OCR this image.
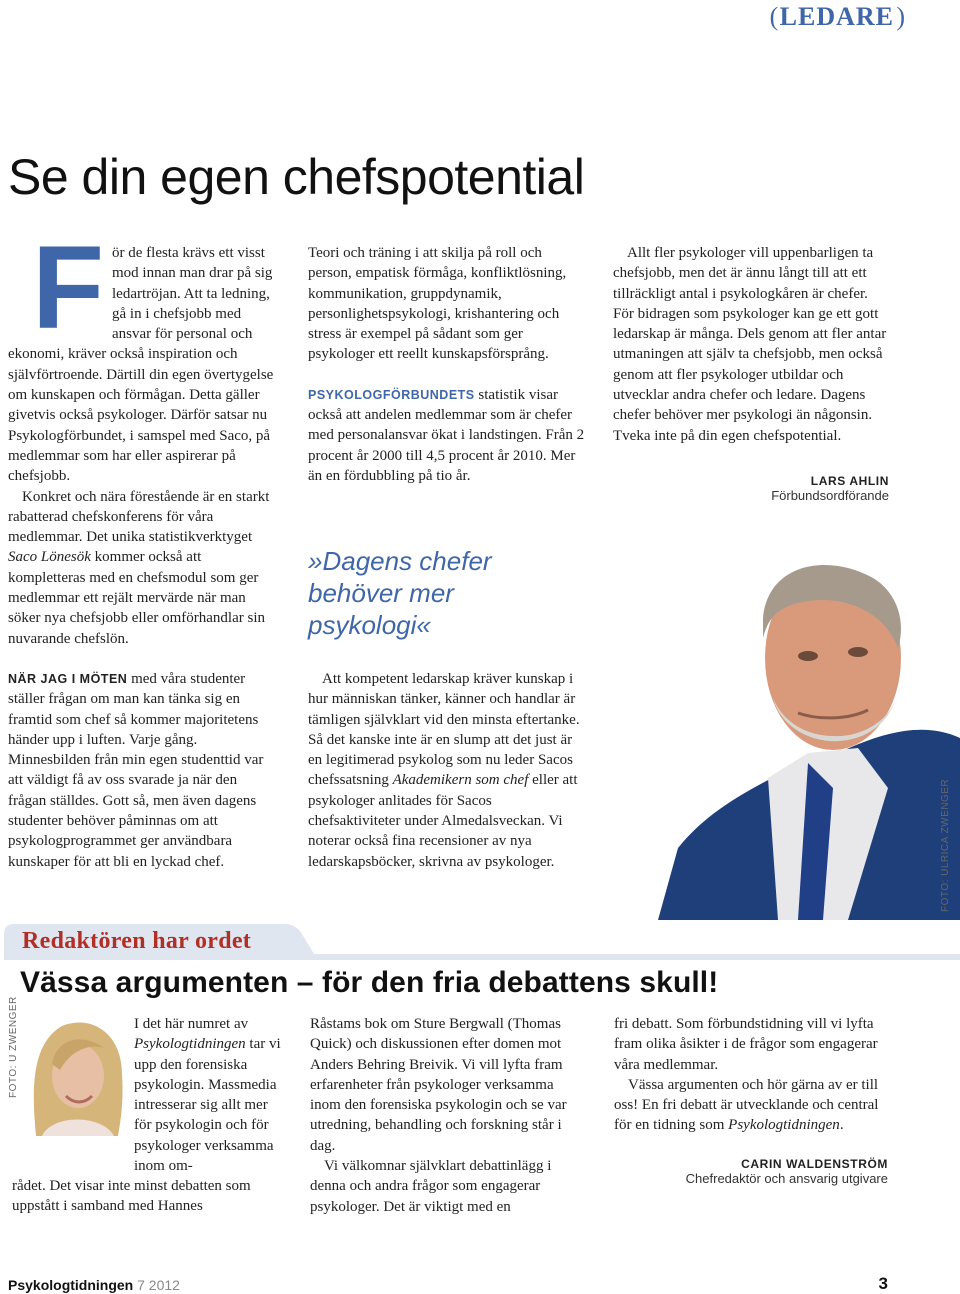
( LEDARE )
Se din egen chefspotential
F ör de flesta krävs ett visst mod innan man drar på sig ledartröjan. Att ta ledning, gå in i chefsjobb med ansvar för personal och ekonomi, kräver också inspiration och självförtroende. Därtill din egen övertygelse om kunskapen och förmågan. Detta gäller givetvis också psykologer. Därför satsar nu Psykologförbundet, i samspel med Saco, på medlemmar som har eller aspirerar på chefsjobb.

Konkret och nära förestående är en starkt rabatterad chefskonferens för våra medlemmar. Det unika statistikverktyget Saco Lönesök kommer också att kompletteras med en chefsmodul som ger medlemmar ett rejält mervärde när man söker nya chefsjobb eller omförhandlar sin nuvarande chefslön.

NÄR JAG I MÖTEN med våra studenter ställer frågan om man kan tänka sig en framtid som chef så kommer majoritetens händer upp i luften. Varje gång. Minnesbilden från min egen studenttid var att väldigt få av oss svarade ja när den frågan ställdes. Gott så, men även dagens studenter behöver påminnas om att psykologprogrammet ger användbara kunskaper för att bli en lyckad chef.

Teori och träning i att skilja på roll och person, empatisk förmåga, konfliktlösning, kommunikation, gruppdynamik, personlighetspsykologi, krishantering och stress är exempel på sådant som ger psykologer ett reellt kunskapsförsprång.

PSYKOLOGFÖRBUNDETS statistik visar också att andelen medlemmar som är chefer med personalansvar ökat i landstingen. Från 2 procent år 2000 till 4,5 procent år 2010. Mer än en fördubbling på tio år.

»Dagens chefer behöver mer psykologi«

Att kompetent ledarskap kräver kunskap i hur människan tänker, känner och handlar är tämligen självklart vid den minsta eftertanke. Så det kanske inte är en slump att det just är en legitimerad psykolog som nu leder Sacos chefssatsning Akademikern som chef eller att psykologer anlitades för Sacos chefsaktiviteter under Almedalsveckan. Vi noterar också fina recensioner av nya ledarskapsböcker, skrivna av psykologer.

Allt fler psykologer vill uppenbarligen ta chefsjobb, men det är ännu långt till att ett tillräckligt antal i psykologkåren är chefer. För bidragen som psykologer kan ge ett gott ledarskap är många. Dels genom att fler antar utmaningen att själv ta chefsjobb, men också genom att fler psykologer utbildar och utvecklar andra chefer och ledare. Dagens chefer behöver mer psykologi än någonsin. Tveka inte på din egen chefspotential.

LARS AHLIN
Förbundsordförande
FOTO: ULRICA ZWENGER
Redaktören har ordet
Vässa argumenten – för den fria debattens skull!
FOTO: U ZWENGER	I det här numret av Psykologtidningen tar vi upp den forensiska psykologin. Massmedia intresserar sig allt mer för psykologin och för psykologer verksamma inom om-

rådet. Det visar inte minst debatten som uppstått i samband med Hannes

Råstams bok om Sture Bergwall (Thomas Quick) och diskussionen efter domen mot Anders Behring Breivik. Vi vill lyfta fram erfarenheter från psykologer verksamma inom den forensiska psykologin och se var utredning, behandling och forskning står i dag.

Vi välkomnar självklart debattinlägg i denna och andra frågor som engagerar psykologer. Det är viktigt med en

fri debatt. Som förbundstidning vill vi lyfta fram olika åsikter i de frågor som engagerar våra medlemmar.

Vässa argumenten och hör gärna av er till oss! En fri debatt är utvecklande och central för en tidning som Psykologtidningen.

CARIN WALDENSTRÖM
Chefredaktör och ansvarig utgivare
Psykologtidningen 7 2012	3
